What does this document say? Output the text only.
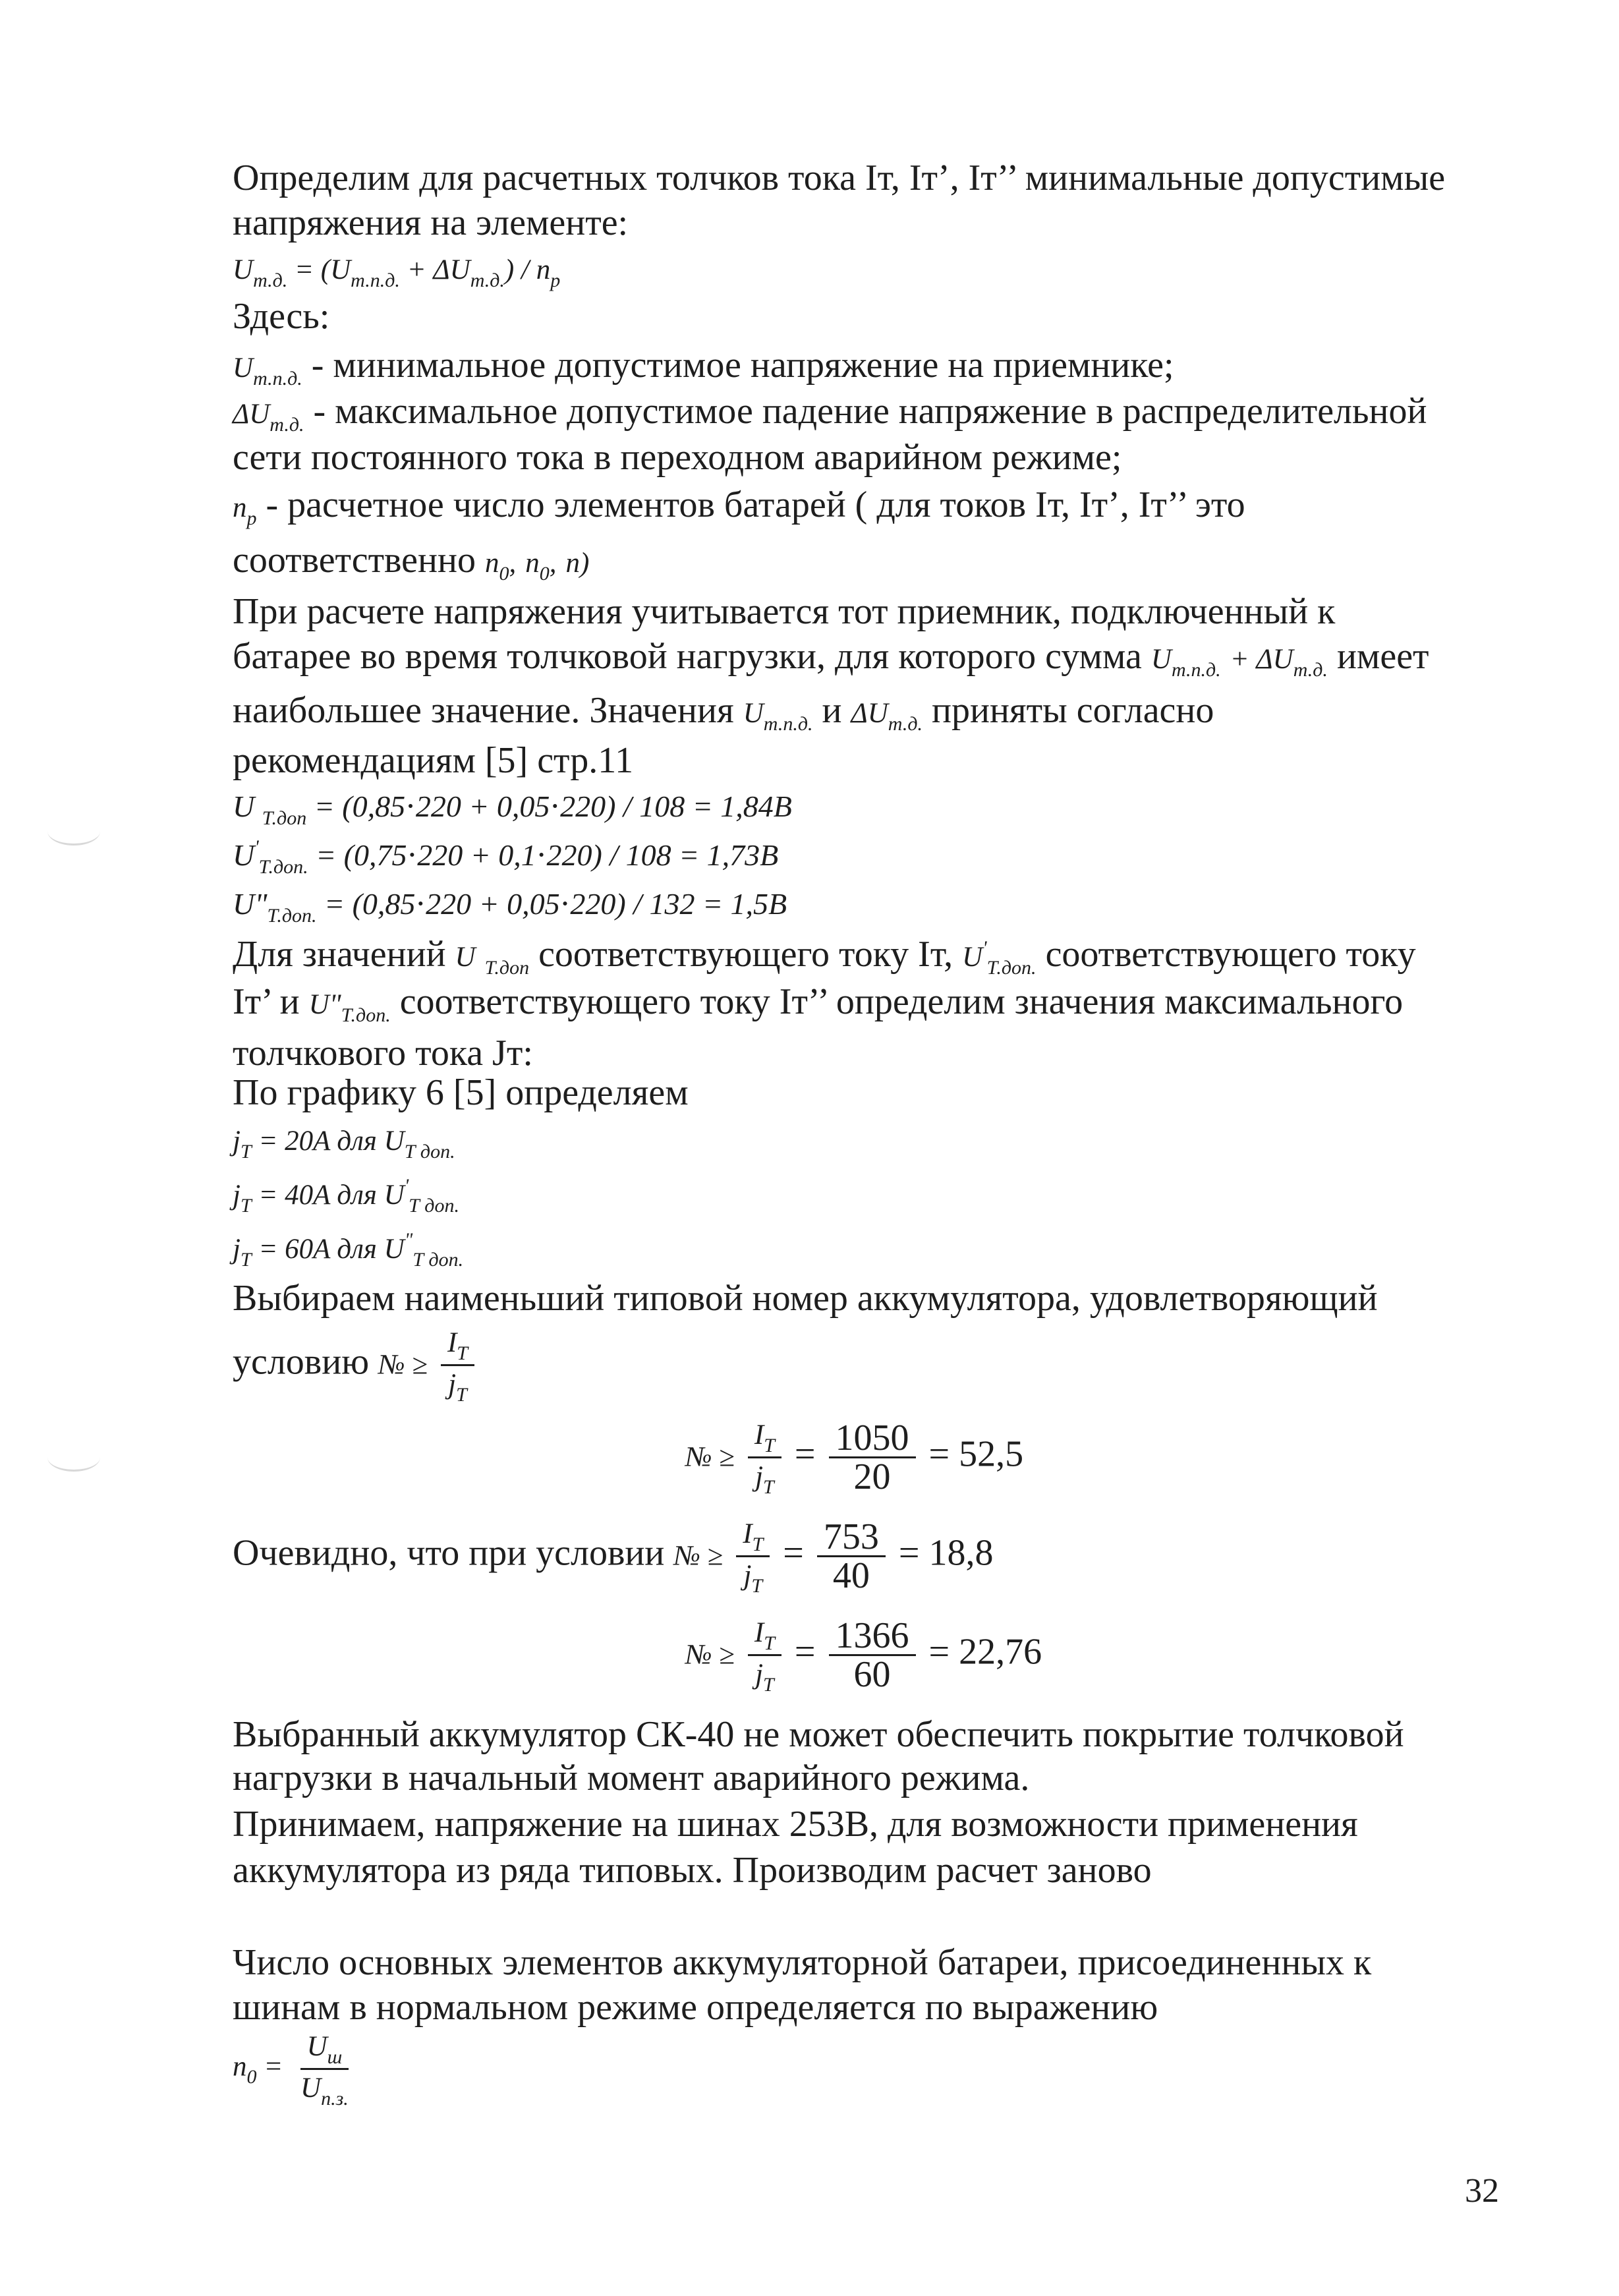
Определим для расчетных толчков тока Iт, Iт’, Iт’’ минимальные допустимые
напряжения на элементе:
$U_{т.д.} = (U_{т.п.д.} + \Delta U_{т.д.}) / n_р$
Здесь:
$U_{т.п.д.}$ - минимальное допустимое напряжение на приемнике;
$\Delta U_{т.д.}$ - максимальное допустимое падение напряжение в распределительной
сети постоянного тока в переходном аварийном режиме;
$n_р$ - расчетное число элементов батарей ( для токов Iт, Iт’, Iт’’ это
соответственно $n_0$, $n_0$, n)
При расчете напряжения учитывается тот приемник, подключенный к
батарее во время толчковой нагрузки, для которого сумма $U_{т.п.д.} + \Delta U_{т.д.}$ имеет
наибольшее значение. Значения $U_{т.п.д.}$ и $\Delta U_{т.д.}$ приняты согласно
рекомендациям [5] стр.11
U $_{Т.доп}$ = (0,85⋅220 + 0,05⋅220) / 108 = 1,84B
$U'_{Т.доп.} = (0,75\cdot 220 + 0,1\cdot 220) / 108 = 1,73B$
$U"_{Т.доп.} = (0,85\cdot 220 + 0,05\cdot 220) / 132 = 1,5B$
Для значений U $_{Т.доп}$ соответствующего току Iт, $U'_{Т.доп.}$ соответствующего току
Iт’ и $U"_{Т.доп.}$ соответствующего току Iт’’ определим значения максимального
толчкового тока Jт:
По графику 6 [5] определяем
$j_Т = 20A$ для $U_{Т доп.}$
$j_Т = 40A$ для $U'_{Т доп.}$
$j_Т = 60A$ для $U^"_{Т доп.}$
Выбираем наименьший типовой номер аккумулятора, удовлетворяющий
условию № ≥ $\frac{I_Т}{j_Т}$
№ ≥ $\frac{I_Т}{j_Т} = \frac{1050}{20} = 52,5$
Очевидно, что при условии № ≥ $\frac{I_Т}{j_Т} = \frac{753}{40} = 18,8$
№ ≥ $\frac{I_Т}{j_Т} = \frac{1366}{60} = 22,76$
Выбранный аккумулятор СК-40 не может обеспечить покрытие толчковой
нагрузки в начальный момент аварийного режима.
Принимаем, напряжение на шинах 253В, для возможности применения
аккумулятора из ряда типовых. Производим расчет заново
Число основных элементов аккумуляторной батареи, присоединенных к
шинам в нормальном режиме определяется по выражению
$n_0 = \frac{U_ш}{U_{п.з.}}$
32
